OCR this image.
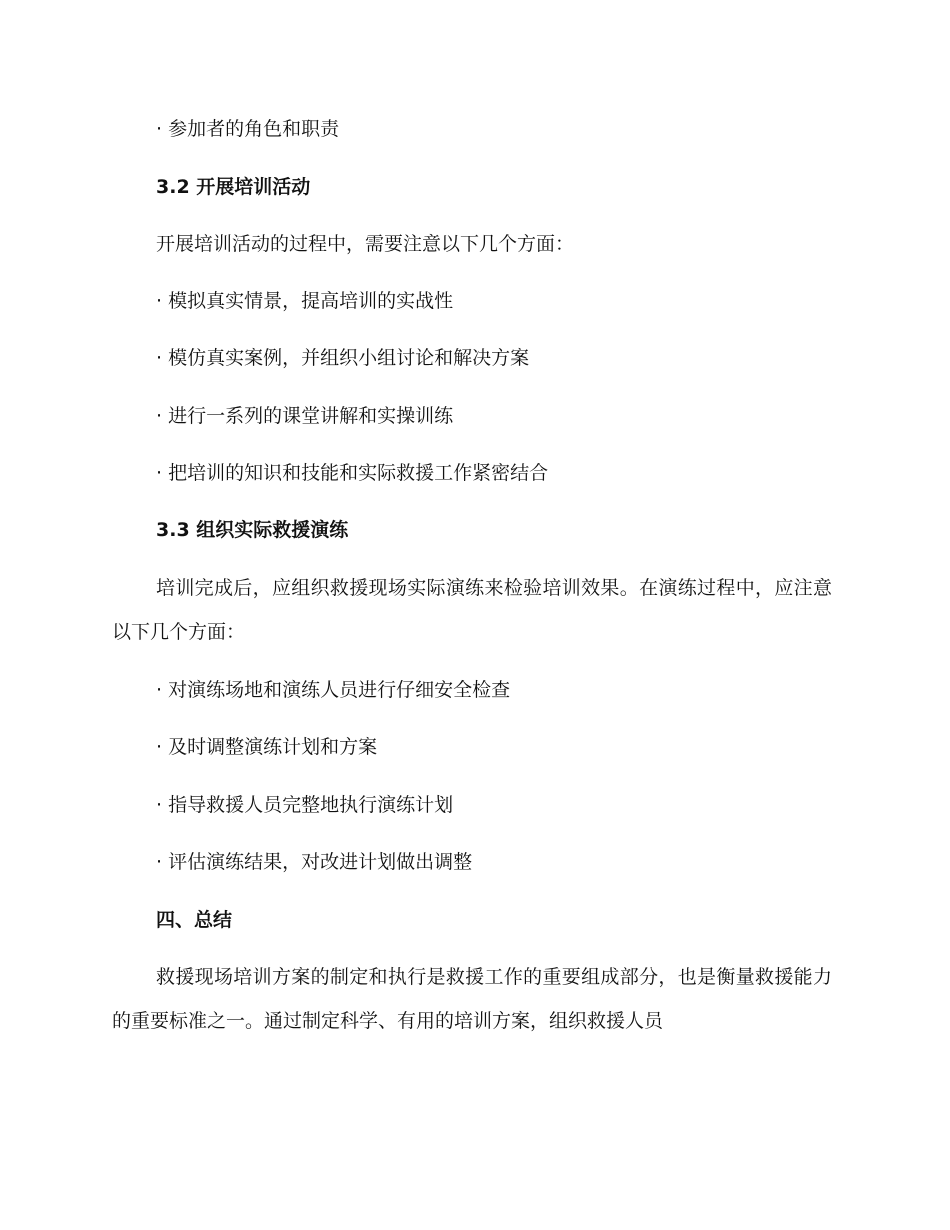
· 参加者的角色和职责
3.2 开展培训活动
开展培训活动的过程中，需要注意以下几个方面：
· 模拟真实情景，提高培训的实战性
· 模仿真实案例，并组织小组讨论和解决方案
· 进行一系列的课堂讲解和实操训练
· 把培训的知识和技能和实际救援工作紧密结合
3.3 组织实际救援演练
培训完成后，应组织救援现场实际演练来检验培训效果。在演练过程中，应注意以下几个方面：
· 对演练场地和演练人员进行仔细安全检查
· 及时调整演练计划和方案
· 指导救援人员完整地执行演练计划
· 评估演练结果，对改进计划做出调整
四、总结
救援现场培训方案的制定和执行是救援工作的重要组成部分，也是衡量救援能力的重要标准之一。通过制定科学、有用的培训方案，组织救援人员
